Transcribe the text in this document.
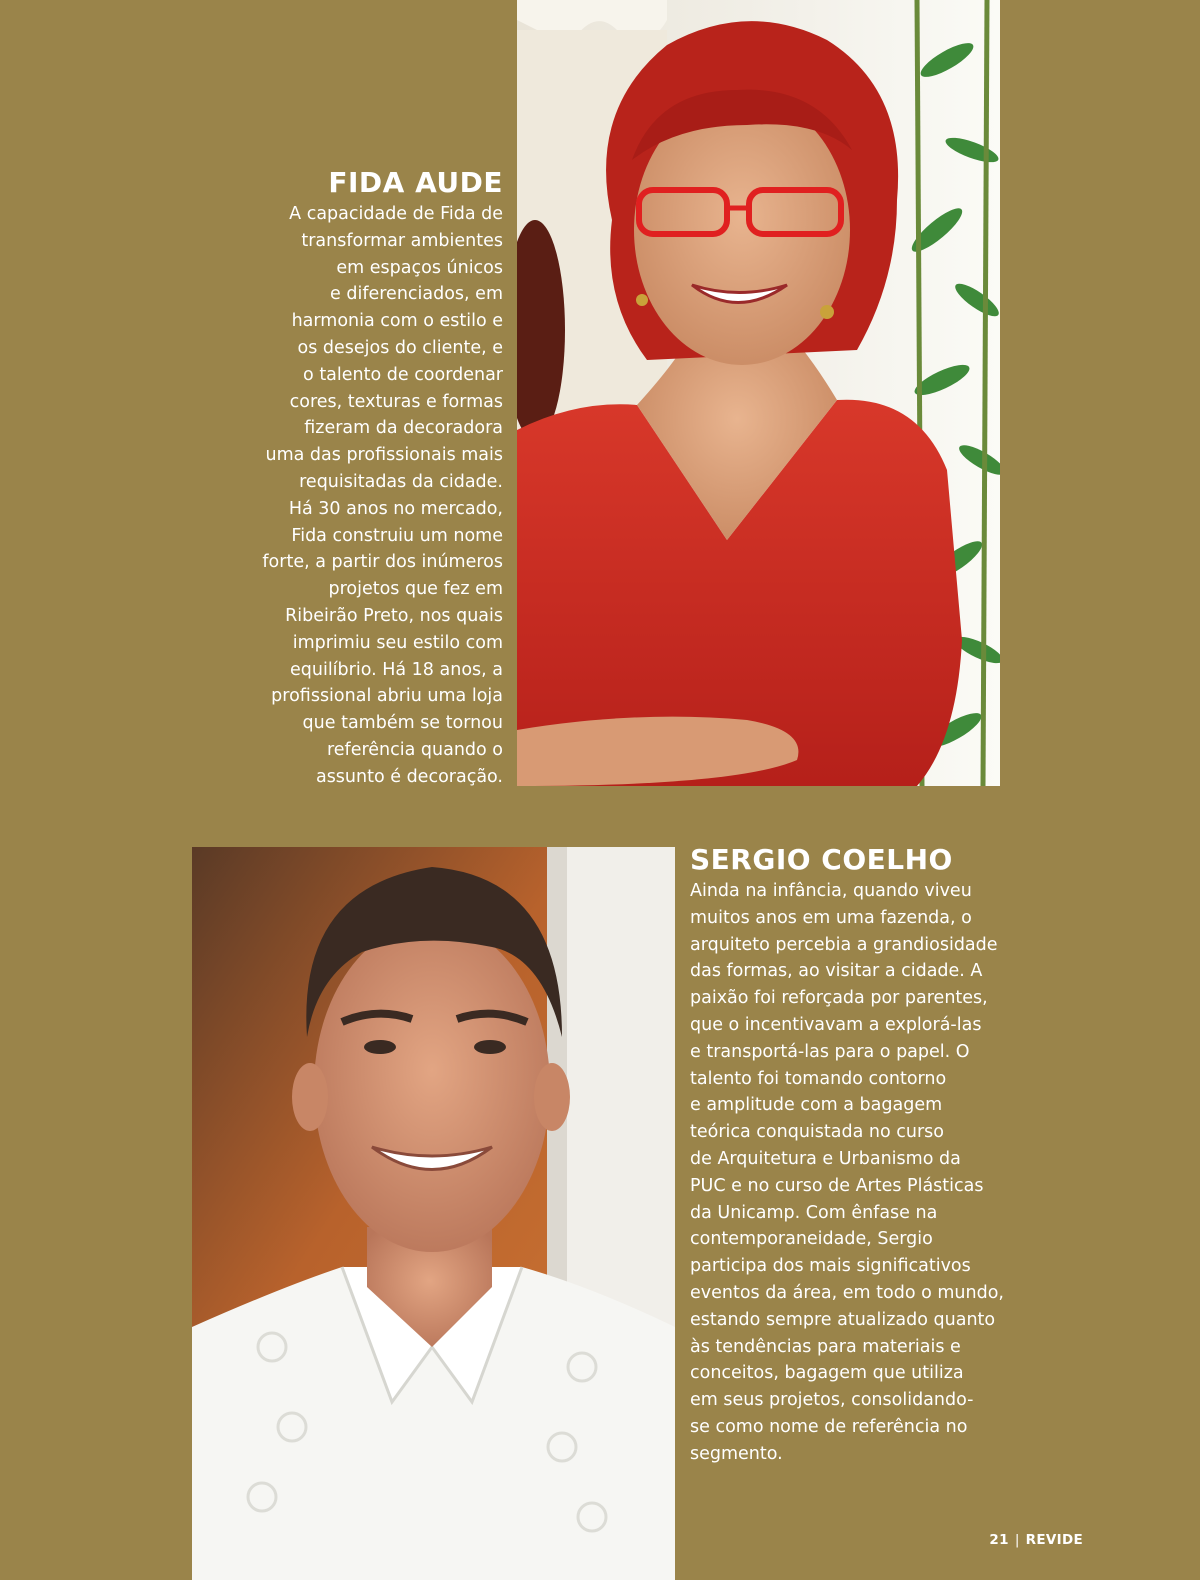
FIDA AUDE

A capacidade de Fida de
transformar ambientes
em espaços únicos
e diferenciados, em
harmonia com o estilo e
os desejos do cliente, e
o talento de coordenar
cores, texturas e formas
fizeram da decoradora
uma das profissionais mais
requisitadas da cidade.
Há 30 anos no mercado,
Fida construiu um nome
forte, a partir dos inúmeros
projetos que fez em
Ribeirão Preto, nos quais
imprimiu seu estilo com
equilíbrio. Há 18 anos, a
profissional abriu uma loja
que também se tornou
referência quando o
assunto é decoração.

SERGIO COELHO

Ainda na infância, quando viveu
muitos anos em uma fazenda, o
arquiteto percebia a grandiosidade
das formas, ao visitar a cidade. A
paixão foi reforçada por parentes,
que o incentivavam a explorá-las
e transportá-las para o papel. O
talento foi tomando contorno
e amplitude com a bagagem
teórica conquistada no curso
de Arquitetura e Urbanismo da
PUC e no curso de Artes Plásticas
da Unicamp. Com ênfase na
contemporaneidade, Sergio
participa dos mais significativos
eventos da área, em todo o mundo,
estando sempre atualizado quanto
às tendências para materiais e
conceitos, bagagem que utiliza
em seus projetos, consolidando-
se como nome de referência no
segmento.

21 | REVIDE
